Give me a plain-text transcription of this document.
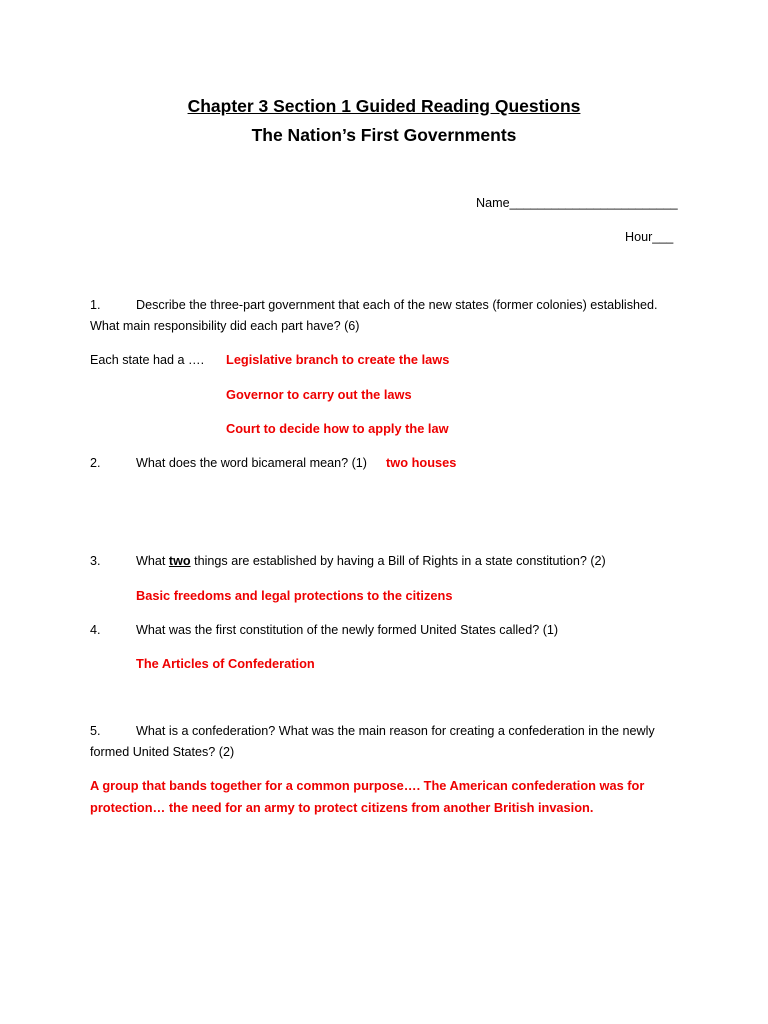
Chapter 3 Section 1 Guided Reading Questions
The Nation’s First Governments
Name________________________
Hour___
1.	Describe the three-part government that each of the new states (former colonies) established.
What main responsibility did each part have? (6)
Each state had a …. Legislative branch to create the laws
Governor to carry out the laws
Court to decide how to apply the law
2.	What does the word bicameral mean? (1) two houses
3.	What two things are established by having a Bill of Rights in a state constitution? (2)
Basic freedoms and legal protections to the citizens
4.	What was the first constitution of the newly formed United States called? (1)
The Articles of Confederation
5.	What is a confederation? What was the main reason for creating a confederation in the newly
formed United States? (2)
A group that bands together for a common purpose…. The American confederation was for
protection… the need for an army to protect citizens from another British invasion.
